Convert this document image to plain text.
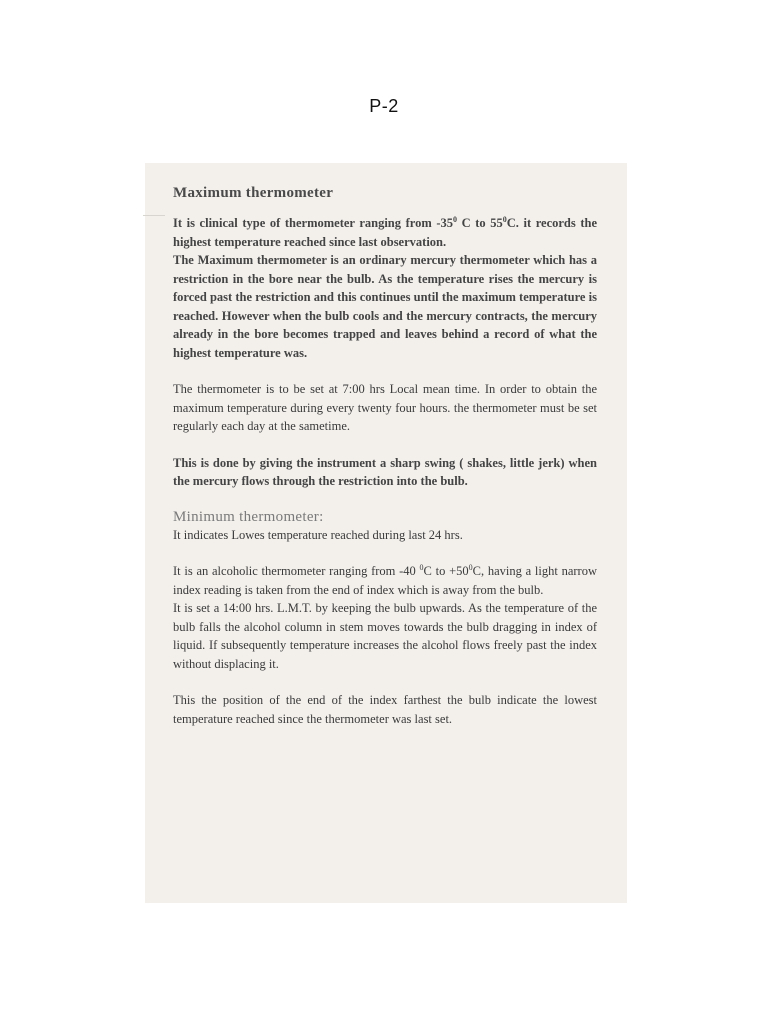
P-2
Maximum thermometer

It is clinical type of thermometer ranging from $-35^0$ C to $55^0C$. it records the highest temperature reached since last observation.

The Maximum thermometer is an ordinary mercury thermometer which has a restriction in the bore near the bulb. As the temperature rises the mercury is forced past the restriction and this continues until the maximum temperature is reached. However when the bulb cools and the mercury contracts, the mercury already in the bore becomes trapped and leaves behind a record of what the highest temperature was.

The thermometer is to be set at 7:00 hrs Local mean time. In order to obtain the maximum temperature during every twenty four hours. the thermometer must be set regularly each day at the sametime.

This is done by giving the instrument a sharp swing ( shakes, little jerk) when the mercury flows through the restriction into the bulb.

Minimum thermometer:

It indicates Lowes temperature reached during last 24 hrs.

It is an alcoholic thermometer ranging from -40 $^0$C to $+50^0C$, having a light narrow index reading is taken from the end of index which is away from the bulb.

It is set a 14:00 hrs. L.M.T. by keeping the bulb upwards. As the temperature of the bulb falls the alcohol column in stem moves towards the bulb dragging in index of liquid. If subsequently temperature increases the alcohol flows freely past the index without displacing it.

This the position of the end of the index farthest the bulb indicate the lowest temperature reached since the thermometer was last set.
